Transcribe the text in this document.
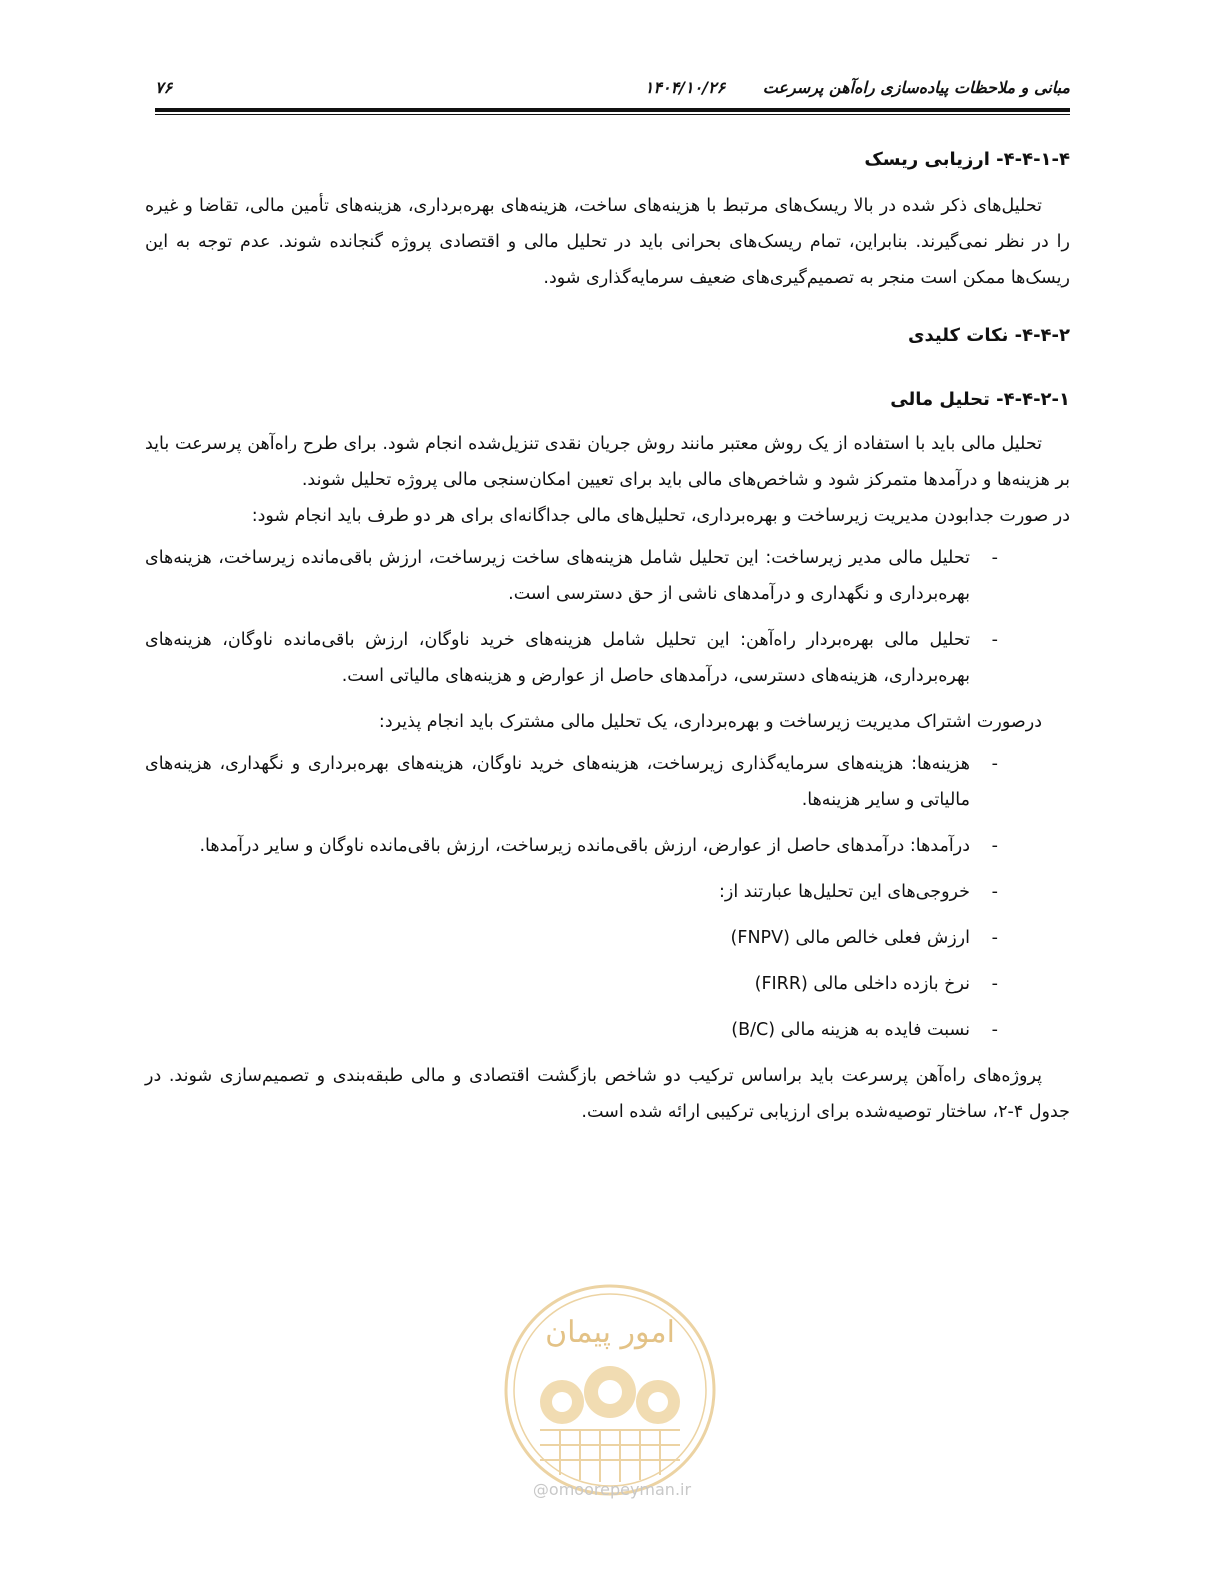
۷۶	۱۴۰۴/۱۰/۲۶	مبانی و ملاحظات پیاده‌سازی راه‌آهن پرسرعت
۴-۴-۱-۴- ارزیابی ریسک

تحلیل‌های ذکر شده در بالا ریسک‌های مرتبط با هزینه‌های ساخت، هزینه‌های بهره‌برداری، هزینه‌های تأمین مالی، تقاضا و غیره را در نظر نمی‌گیرند. بنابراین، تمام ریسک‌های بحرانی باید در تحلیل مالی و اقتصادی پروژه گنجانده شوند. عدم توجه به این ریسک‌ها ممکن است منجر به تصمیم‌گیری‌های ضعیف سرمایه‌گذاری شود.

۴-۴-۲- نکات کلیدی
۴-۴-۲-۱- تحلیل مالی

تحلیل مالی باید با استفاده از یک روش معتبر مانند روش جریان نقدی تنزیل‌شده انجام شود. برای طرح راه‌آهن پرسرعت باید بر هزینه‌ها و درآمدها متمرکز شود و شاخص‌های مالی باید برای تعیین امکان‌سنجی مالی پروژه تحلیل شوند.

در صورت جدابودن مدیریت زیرساخت و بهره‌برداری، تحلیل‌های مالی جداگانه‌ای برای هر دو طرف باید انجام شود:

- تحلیل مالی مدیر زیرساخت: این تحلیل شامل هزینه‌های ساخت زیرساخت، ارزش باقی‌مانده زیرساخت، هزینه‌های بهره‌برداری و نگهداری و درآمدهای ناشی از حق دسترسی است.
- تحلیل مالی بهره‌بردار راه‌آهن: این تحلیل شامل هزینه‌های خرید ناوگان، ارزش باقی‌مانده ناوگان، هزینه‌های بهره‌برداری، هزینه‌های دسترسی، درآمدهای حاصل از عوارض و هزینه‌های مالیاتی است.

درصورت اشتراک مدیریت زیرساخت و بهره‌برداری، یک تحلیل مالی مشترک باید انجام پذیرد:

- هزینه‌ها: هزینه‌های سرمایه‌گذاری زیرساخت، هزینه‌های خرید ناوگان، هزینه‌های بهره‌برداری و نگهداری، هزینه‌های مالیاتی و سایر هزینه‌ها.
- درآمدها: درآمدهای حاصل از عوارض، ارزش باقی‌مانده زیرساخت، ارزش باقی‌مانده ناوگان و سایر درآمدها.
- خروجی‌های این تحلیل‌ها عبارتند از:
- ارزش فعلی خالص مالی (FNPV)
- نرخ بازده داخلی مالی (FIRR)
- نسبت فایده به هزینه مالی (B/C)

پروژه‌های راه‌آهن پرسرعت باید براساس ترکیب دو شاخص بازگشت اقتصادی و مالی طبقه‌بندی و تصمیم‌سازی شوند. در جدول ۴-۲، ساختار توصیه‌شده برای ارزیابی ترکیبی ارائه شده است.

امور پیمان
@omoorepeyman.ir
